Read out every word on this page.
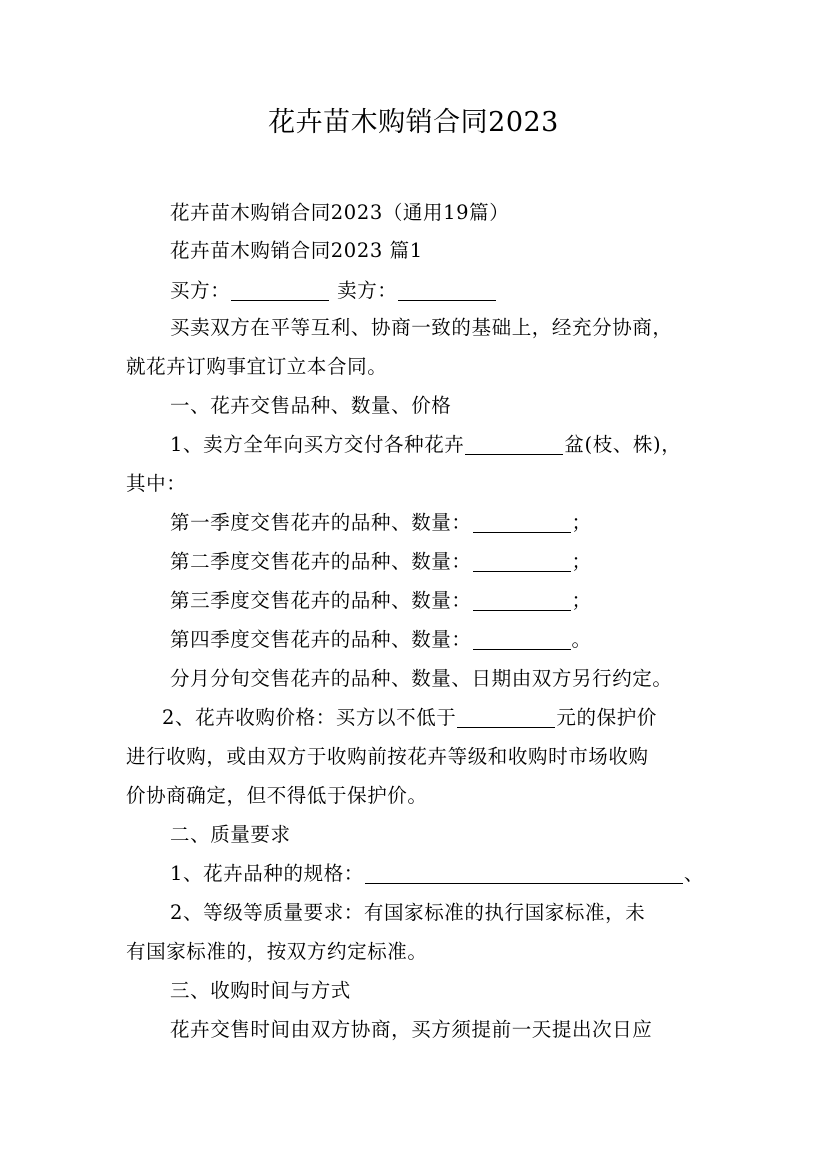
花卉苗木购销合同2023
花卉苗木购销合同2023（通用19篇）
花卉苗木购销合同2023 篇1
买方：	卖方：
买卖双方在平等互利、协商一致的基础上，经充分协商，
就花卉订购事宜订立本合同。
一、花卉交售品种、数量、价格
1、卖方全年向买方交付各种花卉	盆(枝、株)，
其中：
第一季度交售花卉的品种、数量：	；
第二季度交售花卉的品种、数量：	；
第三季度交售花卉的品种、数量：	；
第四季度交售花卉的品种、数量：	。
分月分旬交售花卉的品种、数量、日期由双方另行约定。
2、花卉收购价格：买方以不低于	元的保护价
进行收购，或由双方于收购前按花卉等级和收购时市场收购
价协商确定，但不得低于保护价。
二、质量要求
1、花卉品种的规格：	、
2、等级等质量要求：有国家标准的执行国家标准，未
有国家标准的，按双方约定标准。
三、收购时间与方式
花卉交售时间由双方协商，买方须提前一天提出次日应
